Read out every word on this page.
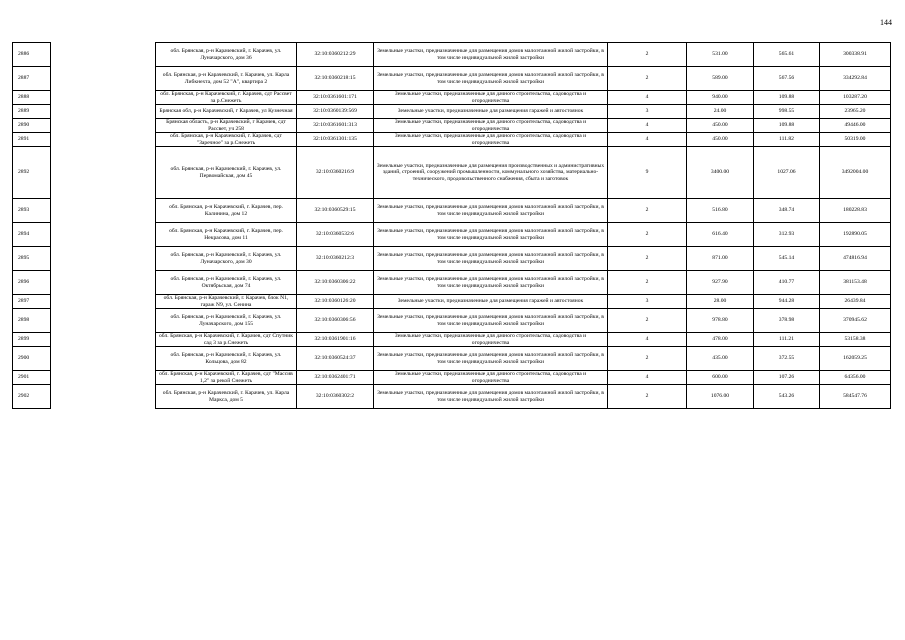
144
2886		обл. Брянская, р-н Карачевский, г. Карачев, ул. Луначарского, дом 36	32:10:0360212:29	Земельные участки, предназначенные для размещения домов малоэтажной жилой застройки, в том числе индивидуальной жилой застройки	2	531.00	565.61	300338.91
2887		обл. Брянская, р-н Карачевский, г. Карачев, ул. Карла Либкнехта, дом 52 "А", квартира 2	32:10:0360218:15	Земельные участки, предназначенные для размещения домов малоэтажной жилой застройки, в том числе индивидуальной жилой застройки	2	589.00	567.56	334292.84
2888		обл. Брянская, р-н Карачевский, г. Карачев, сдт Рассвет за р.Снежеть	32:10:0361601:171	Земельные участки, предназначенные для дачного строительства, садоводства и огородничества	4	940.00	109.88	103287.20
2889		Брянская обл, р-н Карачевский, г Карачев, ул Кузнечная	32:10:0360139:569	Земельные участки, предназначенные для размещения гаражей и автостоянок	3	24.00	998.55	23965.20
2890		Брянская область, р-н Карачевский, г Карачев, сдт Рассвет, уч 258	32:10:0361601:313	Земельные участки, предназначенные для дачного строительства, садоводства и огородничества	4	450.00	109.88	49446.00
2891		обл. Брянская, р-н Карачевский, г. Карачев, сдт "Заречное" за р.Снежеть	32:10:0361301:135	Земельные участки, предназначенные для дачного строительства, садоводства и огородничества	4	450.00	111.82	50319.00
2892		обл. Брянская, р-н Карачевский, г. Карачев, ул. Первомайская, дом 45	32:10:0360216:9	Земельные участки, предназначенные для размещения производственных и административных зданий, строений, сооружений промышленности, коммунального хозяйства, материально-технического, продовольственного снабжения, сбыта и заготовок	9	3400.00	1027.06	3492004.00
2893		обл. Брянская, р-н Карачевский, г. Карачев, пер. Калинина, дом 12	32:10:0360529:15	Земельные участки, предназначенные для размещения домов малоэтажной жилой застройки, в том числе индивидуальной жилой застройки	2	516.80	348.74	180228.83
2894		обл. Брянская, р-н Карачевский, г. Карачев, пер. Некрасова, дом 11	32:10:0360532:6	Земельные участки, предназначенные для размещения домов малоэтажной жилой застройки, в том числе индивидуальной жилой застройки	2	616.40	312.93	192890.05
2895		обл. Брянская, р-н Карачевский, г. Карачев, ул. Луначарского, дом 30	32:10:0360212:3	Земельные участки, предназначенные для размещения домов малоэтажной жилой застройки, в том числе индивидуальной жилой застройки	2	871.00	545.14	474816.94
2896		обл. Брянская, р-н Карачевский, г. Карачев, ул. Октябрьская, дом 74	32:10:0360306:22	Земельные участки, предназначенные для размещения домов малоэтажной жилой застройки, в том числе индивидуальной жилой застройки	2	927.90	410.77	381153.48
2897		обл. Брянская, р-н Карачевский, г. Карачев, блок N1, гараж N9, ул. Сенина	32:10:0360126:20	Земельные участки, предназначенные для размещения гаражей и автостоянок	3	28.00	944.28	26439.84
2898		обл. Брянская, р-н Карачевский, г. Карачев, ул. Луначарского, дом 155	32:10:0360306:56	Земельные участки, предназначенные для размещения домов малоэтажной жилой застройки, в том числе индивидуальной жилой застройки	2	978.80	378.98	370945.62
2899		обл. Брянская, р-н Карачевский, г. Карачев, сдт Спутник сад 3 за р.Снежеть	32:10:0361901:16	Земельные участки, предназначенные для дачного строительства, садоводства и огородничества	4	478.00	111.21	53158.38
2900		обл. Брянская, р-н Карачевский, г. Карачев, ул. Кольцова, дом 82	32:10:0360524:37	Земельные участки, предназначенные для размещения домов малоэтажной жилой застройки, в том числе индивидуальной жилой застройки	2	435.00	372.55	162059.25
2901		обл. Брянская, р-н Карачевский, г. Карачев, сдт "Массив 1,2" за рекой Снежеть	32:10:0362401:71	Земельные участки, предназначенные для дачного строительства, садоводства и огородничества	4	600.00	107.26	64356.00
2902		обл. Брянская, р-н Карачевский, г. Карачев, ул. Карла Маркса, дом 5	32:10:0360302:2	Земельные участки, предназначенные для размещения домов малоэтажной жилой застройки, в том числе индивидуальной жилой застройки	2	1076.00	543.26	584547.76
